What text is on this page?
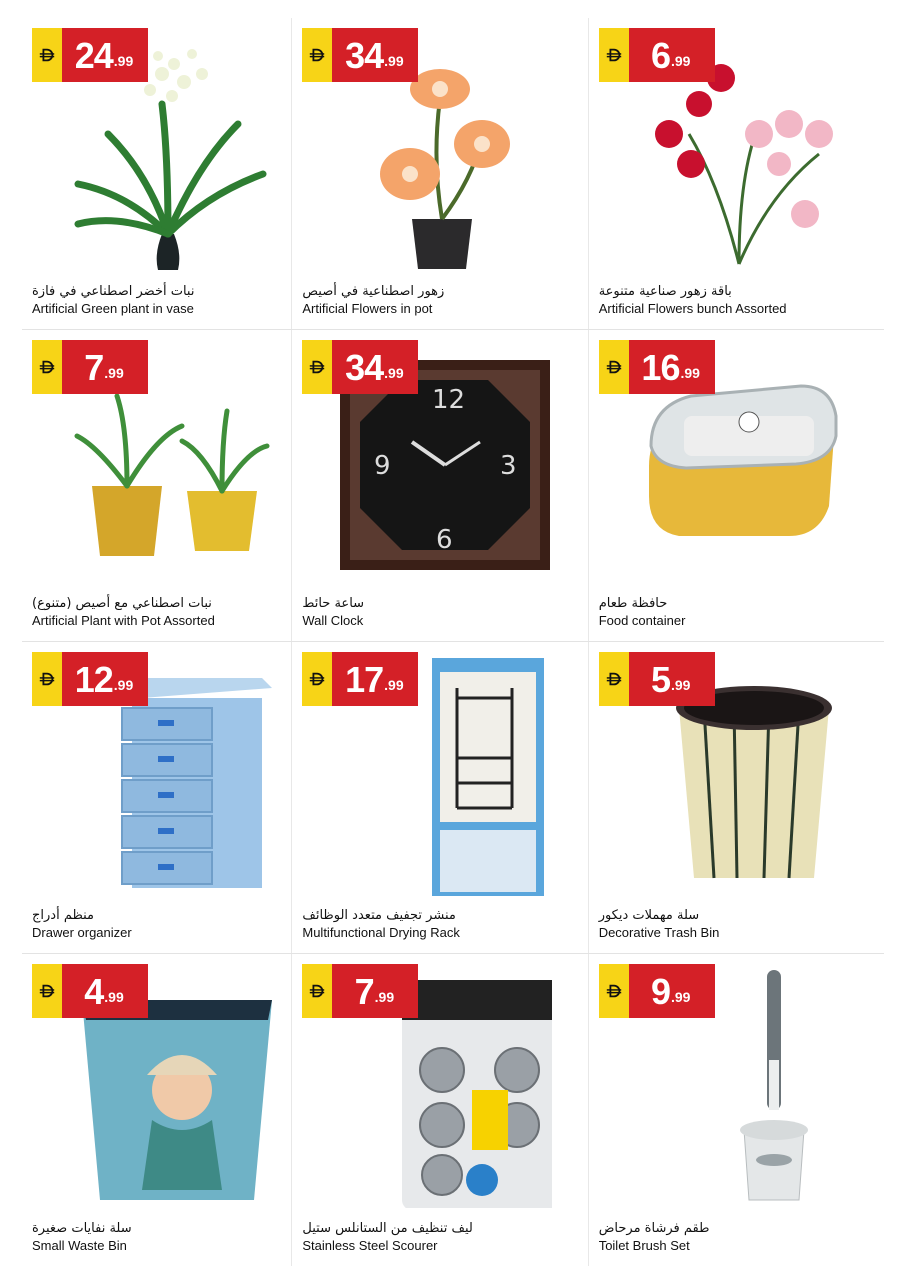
24 .99
نبات أخضر اصطناعي في فازة
Artificial Green plant in vase
34 .99
زهور اصطناعية في أصيص
Artificial Flowers in pot
6 .99
باقة زهور صناعية متنوعة
Artificial Flowers bunch Assorted
7 .99
نبات اصطناعي مع أصيص (متنوع)
Artificial Plant with Pot Assorted
34 .99
12
6
9	3
ساعة حائط
Wall Clock
16 .99
حافظة طعام
Food container
12 .99
منظم أدراج
Drawer organizer
17 .99
منشر تجفيف متعدد الوظائف
Multifunctional Drying Rack
5 .99
سلة مهملات ديكور
Decorative Trash Bin
4 .99
سلة نفايات صغيرة
Small Waste Bin
7 .99
ليف تنظيف من الستانلس ستيل
Stainless Steel Scourer
9 .99
طقم فرشاة مرحاض
Toilet Brush Set
